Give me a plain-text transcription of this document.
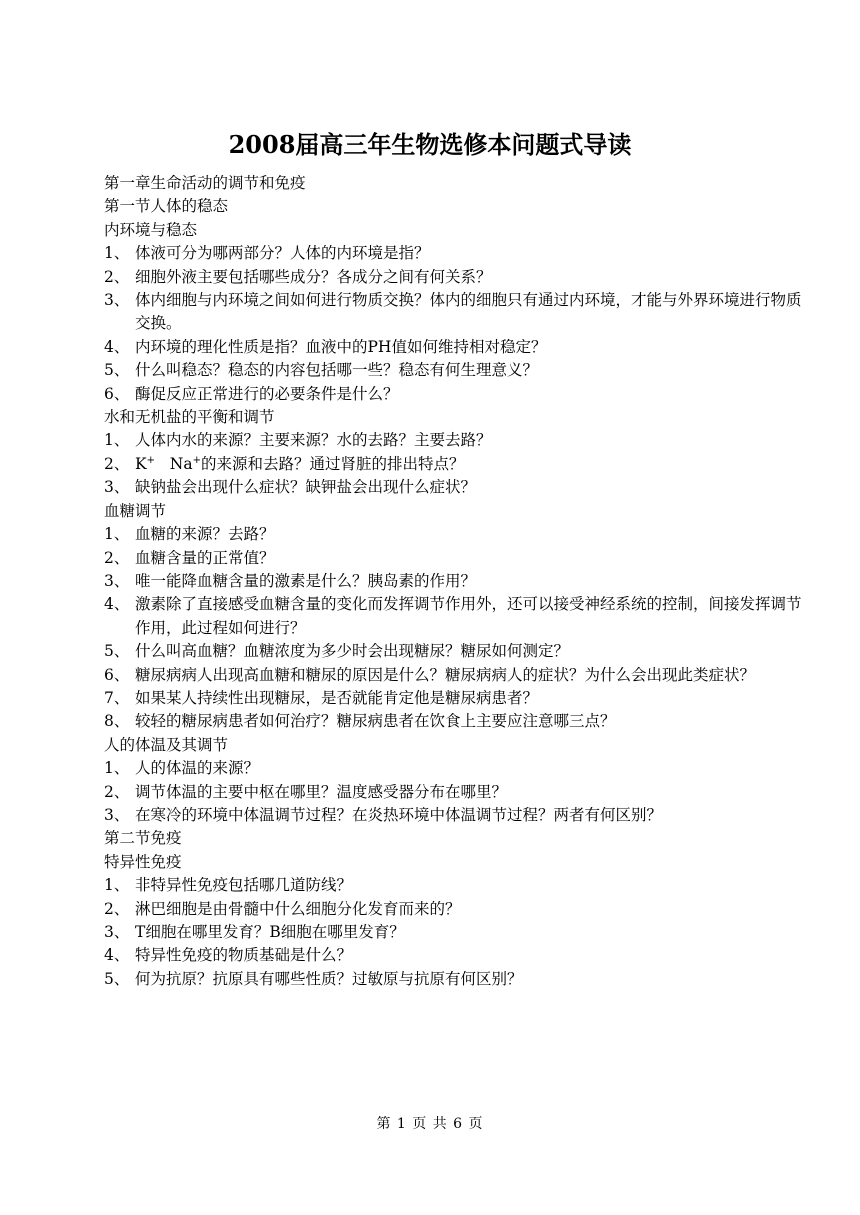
2008届高三年生物选修本问题式导读
第一章生命活动的调节和免疫
第一节人体的稳态
内环境与稳态
1、 体液可分为哪两部分？人体的内环境是指？
2、 细胞外液主要包括哪些成分？各成分之间有何关系？
3、 体内细胞与内环境之间如何进行物质交换？体内的细胞只有通过内环境，才能与外界环境进行物质交换。
4、 内环境的理化性质是指？血液中的PH值如何维持相对稳定？
5、 什么叫稳态？稳态的内容包括哪一些？稳态有何生理意义？
6、 酶促反应正常进行的必要条件是什么？
水和无机盐的平衡和调节
1、 人体内水的来源？主要来源？水的去路？主要去路？
2、 K+ Na+的来源和去路？通过肾脏的排出特点？
3、 缺钠盐会出现什么症状？缺钾盐会出现什么症状？
血糖调节
1、 血糖的来源？去路？
2、 血糖含量的正常值？
3、 唯一能降血糖含量的激素是什么？胰岛素的作用？
4、 激素除了直接感受血糖含量的变化而发挥调节作用外，还可以接受神经系统的控制，间接发挥调节作用，此过程如何进行？
5、 什么叫高血糖？血糖浓度为多少时会出现糖尿？糖尿如何测定？
6、 糖尿病病人出现高血糖和糖尿的原因是什么？糖尿病病人的症状？为什么会出现此类症状？
7、 如果某人持续性出现糖尿，是否就能肯定他是糖尿病患者？
8、 较轻的糖尿病患者如何治疗？糖尿病患者在饮食上主要应注意哪三点？
人的体温及其调节
1、 人的体温的来源？
2、 调节体温的主要中枢在哪里？温度感受器分布在哪里？
3、 在寒冷的环境中体温调节过程？在炎热环境中体温调节过程？两者有何区别？
第二节免疫
特异性免疫
1、 非特异性免疫包括哪几道防线？
2、 淋巴细胞是由骨髓中什么细胞分化发育而来的？
3、 T细胞在哪里发育？B细胞在哪里发育？
4、 特异性免疫的物质基础是什么？
5、 何为抗原？抗原具有哪些性质？过敏原与抗原有何区别？
第 1 页 共 6 页
